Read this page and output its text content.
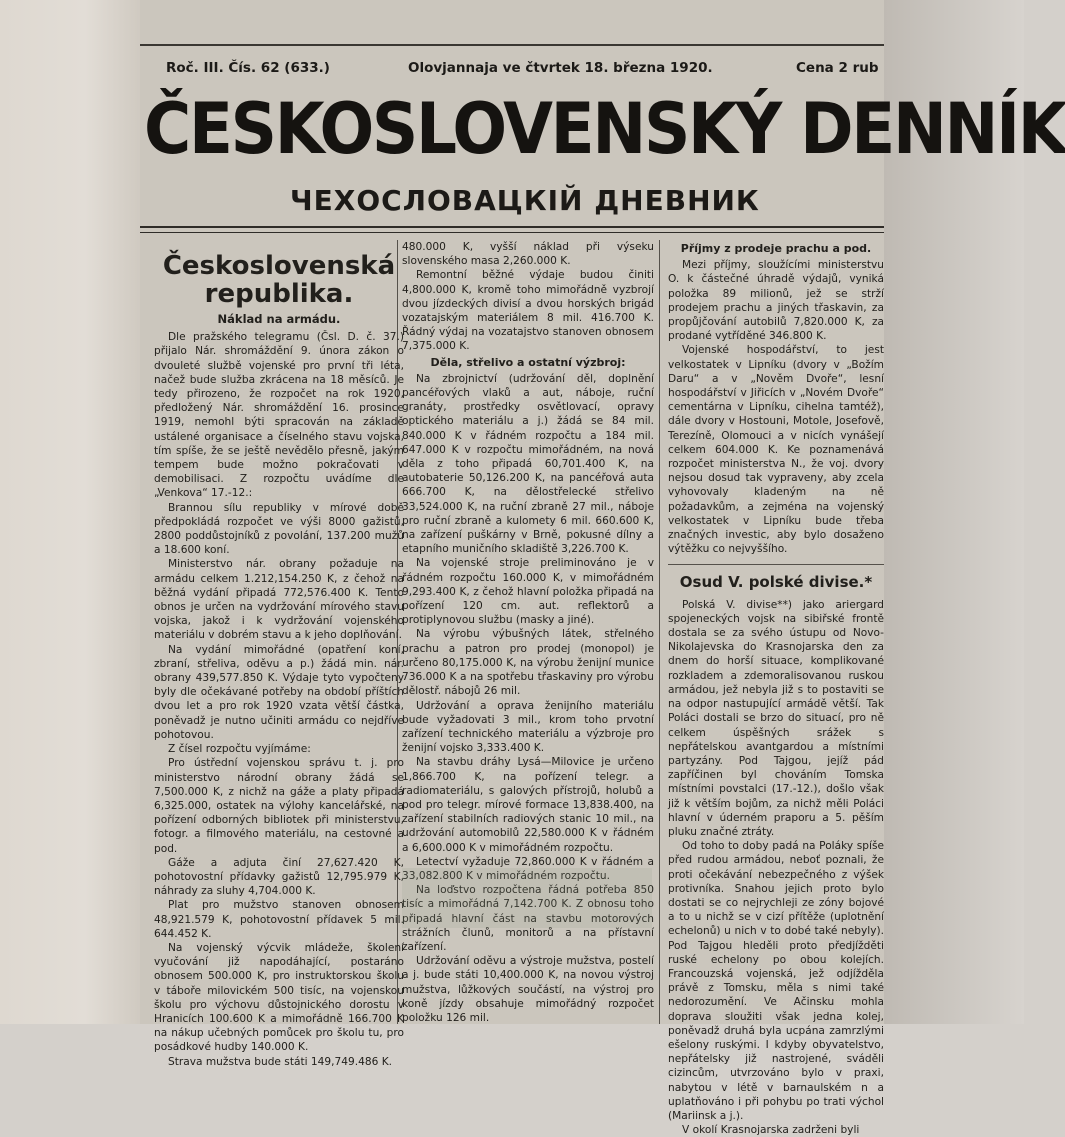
Roč. III. Čís. 62 (633.)	Olovjannaja ve čtvrtek 18. března 1920.	Cena 2 rub
ČESKOSLOVENSKÝ DENNÍK
ЧЕХОСЛОВАЦКIЙ ДНЕВНИК
Československá republika.
Náklad na armádu.

Dle pražského telegramu (Čsl. D. č. 37.) přijalo Nár. shromáždění 9. února zákon o dvouleté službě vojenské pro první tři léta, načež bude služba zkrácena na 18 měsíců. Je tedy přirozeno, že rozpočet na rok 1920, předložený Nár. shromáždění 16. prosince 1919, nemohl býti spracován na základě ustálené organisace a číselného stavu vojska, tím spíše, že se ještě nevědělo přesně, jakým tempem bude možno pokračovati v demobilisaci. Z rozpočtu uvádíme dle „Venkova“ 17.-12.:

Brannou sílu republiky v mírové době předpokládá rozpočet ve výši 8000 gažistů, 2800 poddůstojníků z povolání, 137.200 mužů a 18.600 koní.

Ministerstvo nár. obrany požaduje na armádu celkem 1.212,154.250 K, z čehož na běžná vydání připadá 772,576.400 K. Tento obnos je určen na vydržování mírového stavu vojska, jakož i k vydržování vojenského materiálu v dobrém stavu a k jeho doplňování.

Na vydání mimořádné (opatření koní, zbraní, střeliva, oděvu a p.) žádá min. nár. obrany 439,577.850 K. Výdaje tyto vypočteny byly dle očekávané potřeby na období příštích dvou let a pro rok 1920 vzata větší částka, poněvadž je nutno učiniti armádu co nejdříve pohotovou.

Z čísel rozpočtu vyjímáme:

Pro ústřední vojenskou správu t. j. pro ministerstvo národní obrany žádá se 7,500.000 K, z nichž na gáže a platy připadá 6,325.000, ostatek na výlohy kancelářské, na pořízení odborných bibliotek při ministerstvu, fotogr. a filmového materiálu, na cestovné a pod.

Gáže a adjuta činí 27,627.420 K, pohotovostní přídavky gažistů 12,795.979 K, náhrady za sluhy 4,704.000 K.

Plat pro mužstvo stanoven obnosem 48,921.579 K, pohotovostní přídavek 5 mil. 644.452 K.

Na vojenský výcvik mládeže, školení vyučování již napodáhající, postaráno obnosem 500.000 K, pro instruktorskou školu v táboře milovickém 500 tisíc, na vojenskou školu pro výchovu důstojnického dorostu v Hranicích 100.600 K a mimořádně 166.700 K na nákup učebných pomůcek pro školu tu, pro posádkové hudby 140.000 K.

Strava mužstva bude státi 149,749.486 K.

480.000 K, vyšší náklad při výseku slovenského masa 2,260.000 K.

Remontní běžné výdaje budou činiti 4,800.000 K, kromě toho mimořádně vyzbrojí dvou jízdeckých divisí a dvou horských brigád vozatajským materiálem 8 mil. 416.700 K. Řádný výdaj na vozatajstvo stanoven obnosem 7,375.000 K.

Děla, střelivo a ostatní výzbroj:

Na zbrojnictví (udržování děl, doplnění pancéřových vlaků a aut, náboje, ruční granáty, prostředky osvětlovací, opravy optického materiálu a j.) žádá se 84 mil. 840.000 K v řádném rozpočtu a 184 mil. 647.000 K v rozpočtu mimořádném, na nová děla z toho připadá 60,701.400 K, na autobaterie 50,126.200 K, na pancéřová auta 666.700 K, na dělostřelecké střelivo 33,524.000 K, na ruční zbraně 27 mil., náboje pro ruční zbraně a kulomety 6 mil. 660.600 K, na zařízení puškárny v Brně, pokusné dílny a etapního muničního skladiště 3,226.700 K.

Na vojenské stroje preliminováno je v řádném rozpočtu 160.000 K, v mimořádném 9,293.400 K, z čehož hlavní položka připadá na pořízení 120 cm. aut. reflektorů a protiplynovou službu (masky a jiné).

Na výrobu výbušných látek, střelného prachu a patron pro prodej (monopol) je určeno 80,175.000 K, na výrobu ženijní munice 736.000 K a na spotřebu třaskaviny pro výrobu dělostř. nábojů 26 mil.

Udržování a oprava ženijního materiálu bude vyžadovati 3 mil., krom toho prvotní zařízení technického materiálu a výzbroje pro ženijní vojsko 3,333.400 K.

Na stavbu dráhy Lysá—Milovice je určeno 1,866.700 K, na pořízení telegr. a radiomateriálu, s galových přístrojů, holubů a pod pro telegr. mírové formace 13,838.400, na zařízení stabilních radiových stanic 10 mil., na udržování automobilů 22,580.000 K v řádném a 6,600.000 K v mimořádném rozpočtu.

Letectví vyžaduje 72,860.000 K v řádném a 33,082.800 K v mimořádném rozpočtu.

Na loďstvo rozpočtena řádná potřeba 850 tisíc a mimořádná 7,142.700 K. Z obnosu toho připadá hlavní část na stavbu motorových strážních člunů, monitorů a na přístavní zařízení.

Udržování oděvu a výstroje mužstva, postelí a j. bude státi 10,400.000 K, na novou výstroj mužstva, lůžkových součástí, na výstroj pro koně jízdy obsahuje mimořádný rozpočet položku 126 mil.

Příjmy z prodeje prachu a pod.

Mezi příjmy, sloužícími ministerstvu O. k částečné úhradě výdajů, vyniká položka 89 milionů, jež se strží prodejem prachu a jiných třaskavin, za propůjčování autobilů 7,820.000 K, za prodané vytříděné 346.800 K.

Vojenské hospodářství, to jest velkostatek v Lipníku (dvory v „Božím Daru“ a v „Nověm Dvoře“, lesní hospodářství v Jiřicích v „Novém Dvoře“ cementárna v Lipníku, cihelna tamtéž), dále dvory v Hostouni, Motole, Josefově, Terezíně, Olomouci a v nicích vynášejí celkem 604.000 K. Ke poznamenává rozpočet ministerstva N., že voj. dvory nejsou dosud tak vypraveny, aby zcela vyhovovaly kladeným na ně požadavkům, a zejména na vojenský velkostatek v Lipníku bude třeba značných investic, aby bylo dosaženo výtěžku co nejvyššího.

Osud V. polské divise.*

Polská V. divise**) jako ariergard spojeneckých vojsk na sibiřské frontě dostala se za svého ústupu od Novo-Nikolajevska do Krasnojarska den za dnem do horší situace, komplikované rozkladem a zdemoralisovanou ruskou armádou, jež nebyla již s to postaviti se na odpor nastupující armádě větší. Tak Poláci dostali se brzo do situací, pro ně celkem úspěšných srážek s nepřátelskou avantgardou a místními partyzány. Pod Tajgou, jejíž pád zapříčinen byl chováním Tomska místními povstalci (17.-12.), došlo však již k větším bojům, za nichž měli Poláci hlavní v úderném praporu a 5. pěším pluku značné ztráty.

Od toho to doby padá na Poláky spíše před rudou armádou, neboť poznali, že proti očekávání nebezpečného z výšek protivníka. Snahou jejich proto bylo dostati se co nejrychleji ze zóny bojové a to u nichž se v cizí přítěže (uplotnění echelonů) u nich v to dobé také nebyly). Pod Tajgou hleděli proto předjížděti ruské echelony po obou kolejích. Francouzská vojenská, jež odjížděla právě z Tomsku, měla s nimi také nedorozumění. Ve Ačinsku mohla doprava sloužiti však jedna kolej, poněvadž druhá byla ucpána zamrzlými ešelony ruskými. I kdyby obyvatelstvo, nepřátelsky již nastrojené, sváděli cizincům, utvrzováno bylo v praxi, nabytou v létě v barnaulském n a uplatňováno i při pohybu po trati výchol (Mariinsk a j.).

V okolí Krasnojarska zadrženi byli
